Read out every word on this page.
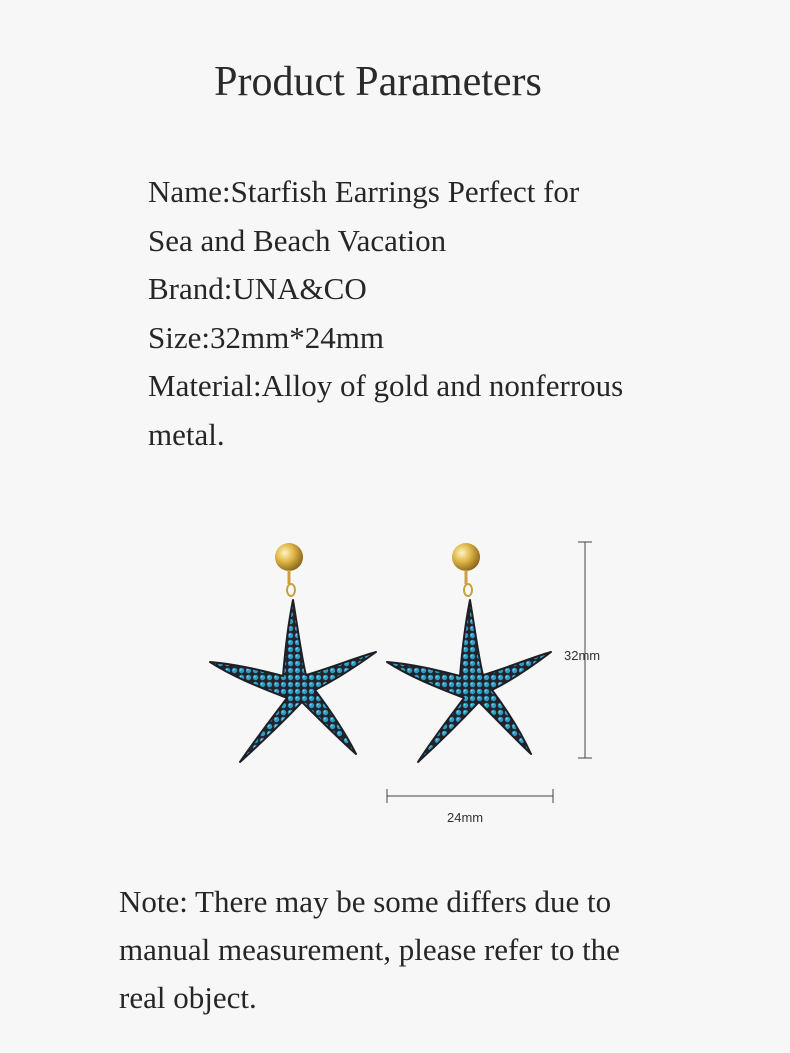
Product Parameters
Name:Starfish Earrings Perfect for
Sea and Beach Vacation
Brand:UNA&CO
Size:32mm*24mm
Material:Alloy of gold and nonferrous
metal.
32mm
24mm
Note: There may be some differs due to
manual measurement, please refer to the
real object.
